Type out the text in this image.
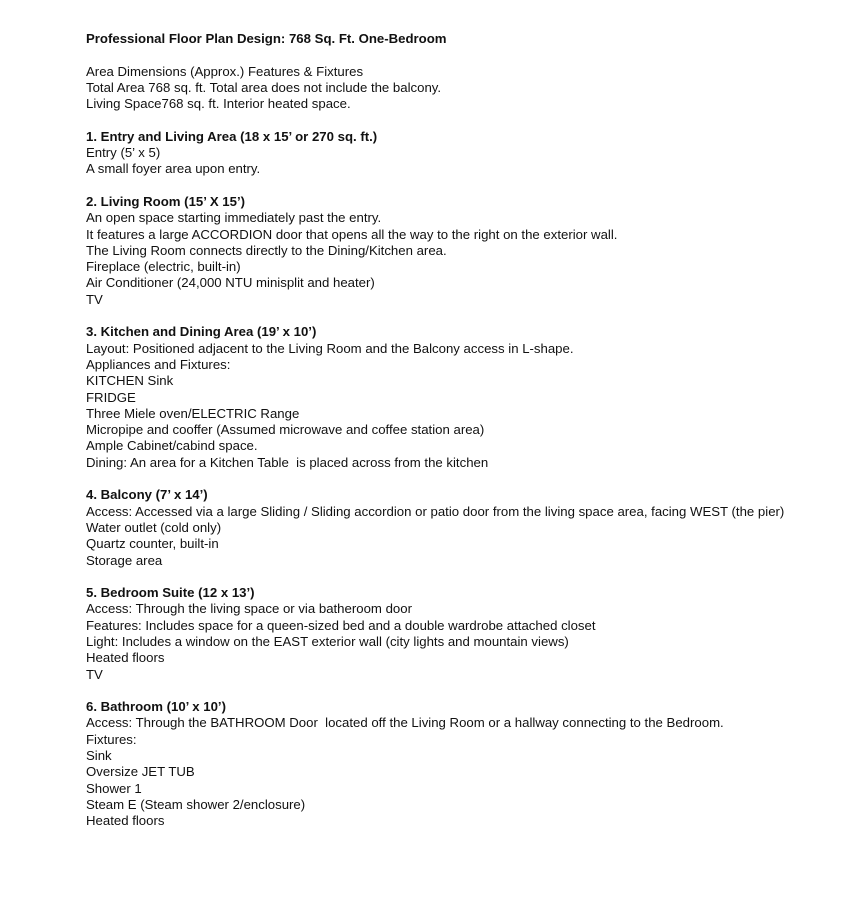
Professional Floor Plan Design: 768 Sq. Ft. One-Bedroom
Area Dimensions (Approx.) Features & Fixtures
Total Area 768 sq. ft. Total area does not include the balcony.
Living Space768 sq. ft. Interior heated space.
1. Entry and Living Area (18 x 15’ or 270 sq. ft.)
Entry (5’ x 5)
A small foyer area upon entry.
2. Living Room (15’ X 15’)
An open space starting immediately past the entry.
It features a large ACCORDION door that opens all the way to the right on the exterior wall.
The Living Room connects directly to the Dining/Kitchen area.
Fireplace (electric, built-in)
Air Conditioner (24,000 NTU minisplit and heater)
TV
3. Kitchen and Dining Area (19’ x 10’)
Layout: Positioned adjacent to the Living Room and the Balcony access in L-shape.
Appliances and Fixtures:
KITCHEN Sink
FRIDGE
Three Miele oven/ELECTRIC Range
Micropipe and cooffer (Assumed microwave and coffee station area)
Ample Cabinet/cabind space.
Dining: An area for a Kitchen Table  is placed across from the kitchen
4. Balcony (7’ x 14’)
Access: Accessed via a large Sliding / Sliding accordion or patio door from the living space area, facing WEST (the pier)
Water outlet (cold only)
Quartz counter, built-in
Storage area
5. Bedroom Suite (12 x 13’)
Access: Through the living space or via batheroom door
Features: Includes space for a queen-sized bed and a double wardrobe attached closet
Light: Includes a window on the EAST exterior wall (city lights and mountain views)
Heated floors
TV
6. Bathroom (10’ x 10’)
Access: Through the BATHROOM Door  located off the Living Room or a hallway connecting to the Bedroom.
Fixtures:
Sink
Oversize JET TUB
Shower 1
Steam E (Steam shower 2/enclosure)
Heated floors
